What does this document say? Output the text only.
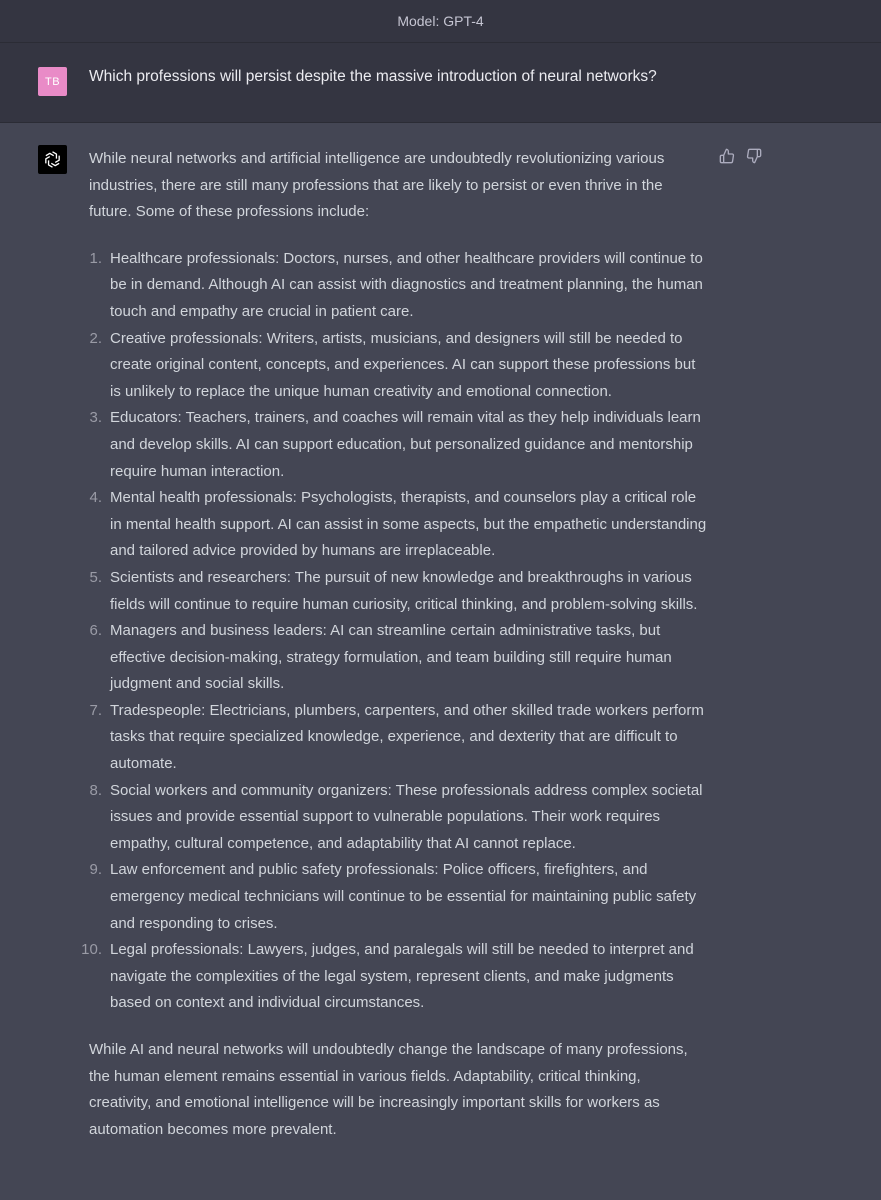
Model: GPT-4
TB Which professions will persist despite the massive introduction of neural networks?

While neural networks and artificial intelligence are undoubtedly revolutionizing various industries, there are still many professions that are likely to persist or even thrive in the future. Some of these professions include:

1. Healthcare professionals: Doctors, nurses, and other healthcare providers will continue to be in demand. Although AI can assist with diagnostics and treatment planning, the human touch and empathy are crucial in patient care.
2. Creative professionals: Writers, artists, musicians, and designers will still be needed to create original content, concepts, and experiences. AI can support these professions but is unlikely to replace the unique human creativity and emotional connection.
3. Educators: Teachers, trainers, and coaches will remain vital as they help individuals learn and develop skills. AI can support education, but personalized guidance and mentorship require human interaction.
4. Mental health professionals: Psychologists, therapists, and counselors play a critical role in mental health support. AI can assist in some aspects, but the empathetic understanding and tailored advice provided by humans are irreplaceable.
5. Scientists and researchers: The pursuit of new knowledge and breakthroughs in various fields will continue to require human curiosity, critical thinking, and problem-solving skills.
6. Managers and business leaders: AI can streamline certain administrative tasks, but effective decision-making, strategy formulation, and team building still require human judgment and social skills.
7. Tradespeople: Electricians, plumbers, carpenters, and other skilled trade workers perform tasks that require specialized knowledge, experience, and dexterity that are difficult to automate.
8. Social workers and community organizers: These professionals address complex societal issues and provide essential support to vulnerable populations. Their work requires empathy, cultural competence, and adaptability that AI cannot replace.
9. Law enforcement and public safety professionals: Police officers, firefighters, and emergency medical technicians will continue to be essential for maintaining public safety and responding to crises.
10. Legal professionals: Lawyers, judges, and paralegals will still be needed to interpret and navigate the complexities of the legal system, represent clients, and make judgments based on context and individual circumstances.

While AI and neural networks will undoubtedly change the landscape of many professions, the human element remains essential in various fields. Adaptability, critical thinking, creativity, and emotional intelligence will be increasingly important skills for workers as automation becomes more prevalent.
